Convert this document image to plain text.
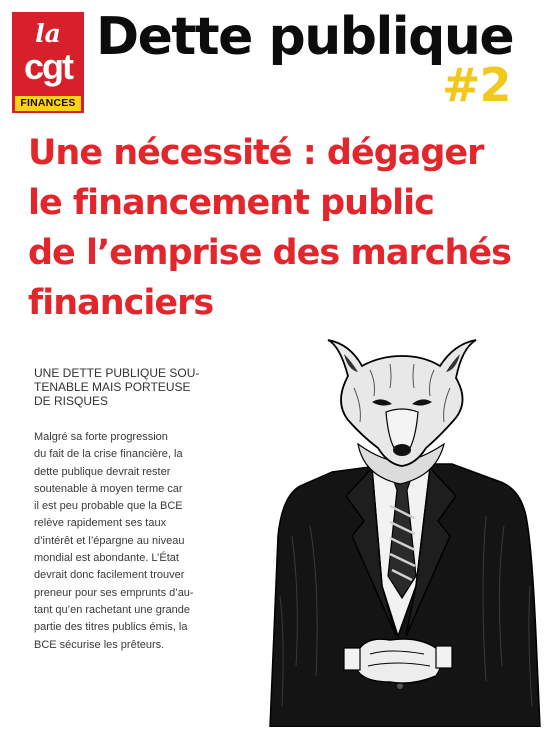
la
cgt
FINANCES
Dette publique
#2
Une nécessité : dégager
le financement public
de l’emprise des marchés
financiers
UNE DETTE PUBLIQUE SOU-
TENABLE MAIS PORTEUSE
DE RISQUES

Malgré sa forte progression
du fait de la crise financière, la
dette publique devrait rester
soutenable à moyen terme car
il est peu probable que la BCE
relève rapidement ses taux
d’intérêt et l’épargne au niveau
mondial est abondante. L’État
devrait donc facilement trouver
preneur pour ses emprunts d’au-
tant qu’en rachetant une grande
partie des titres publics émis, la
BCE sécurise les prêteurs.
